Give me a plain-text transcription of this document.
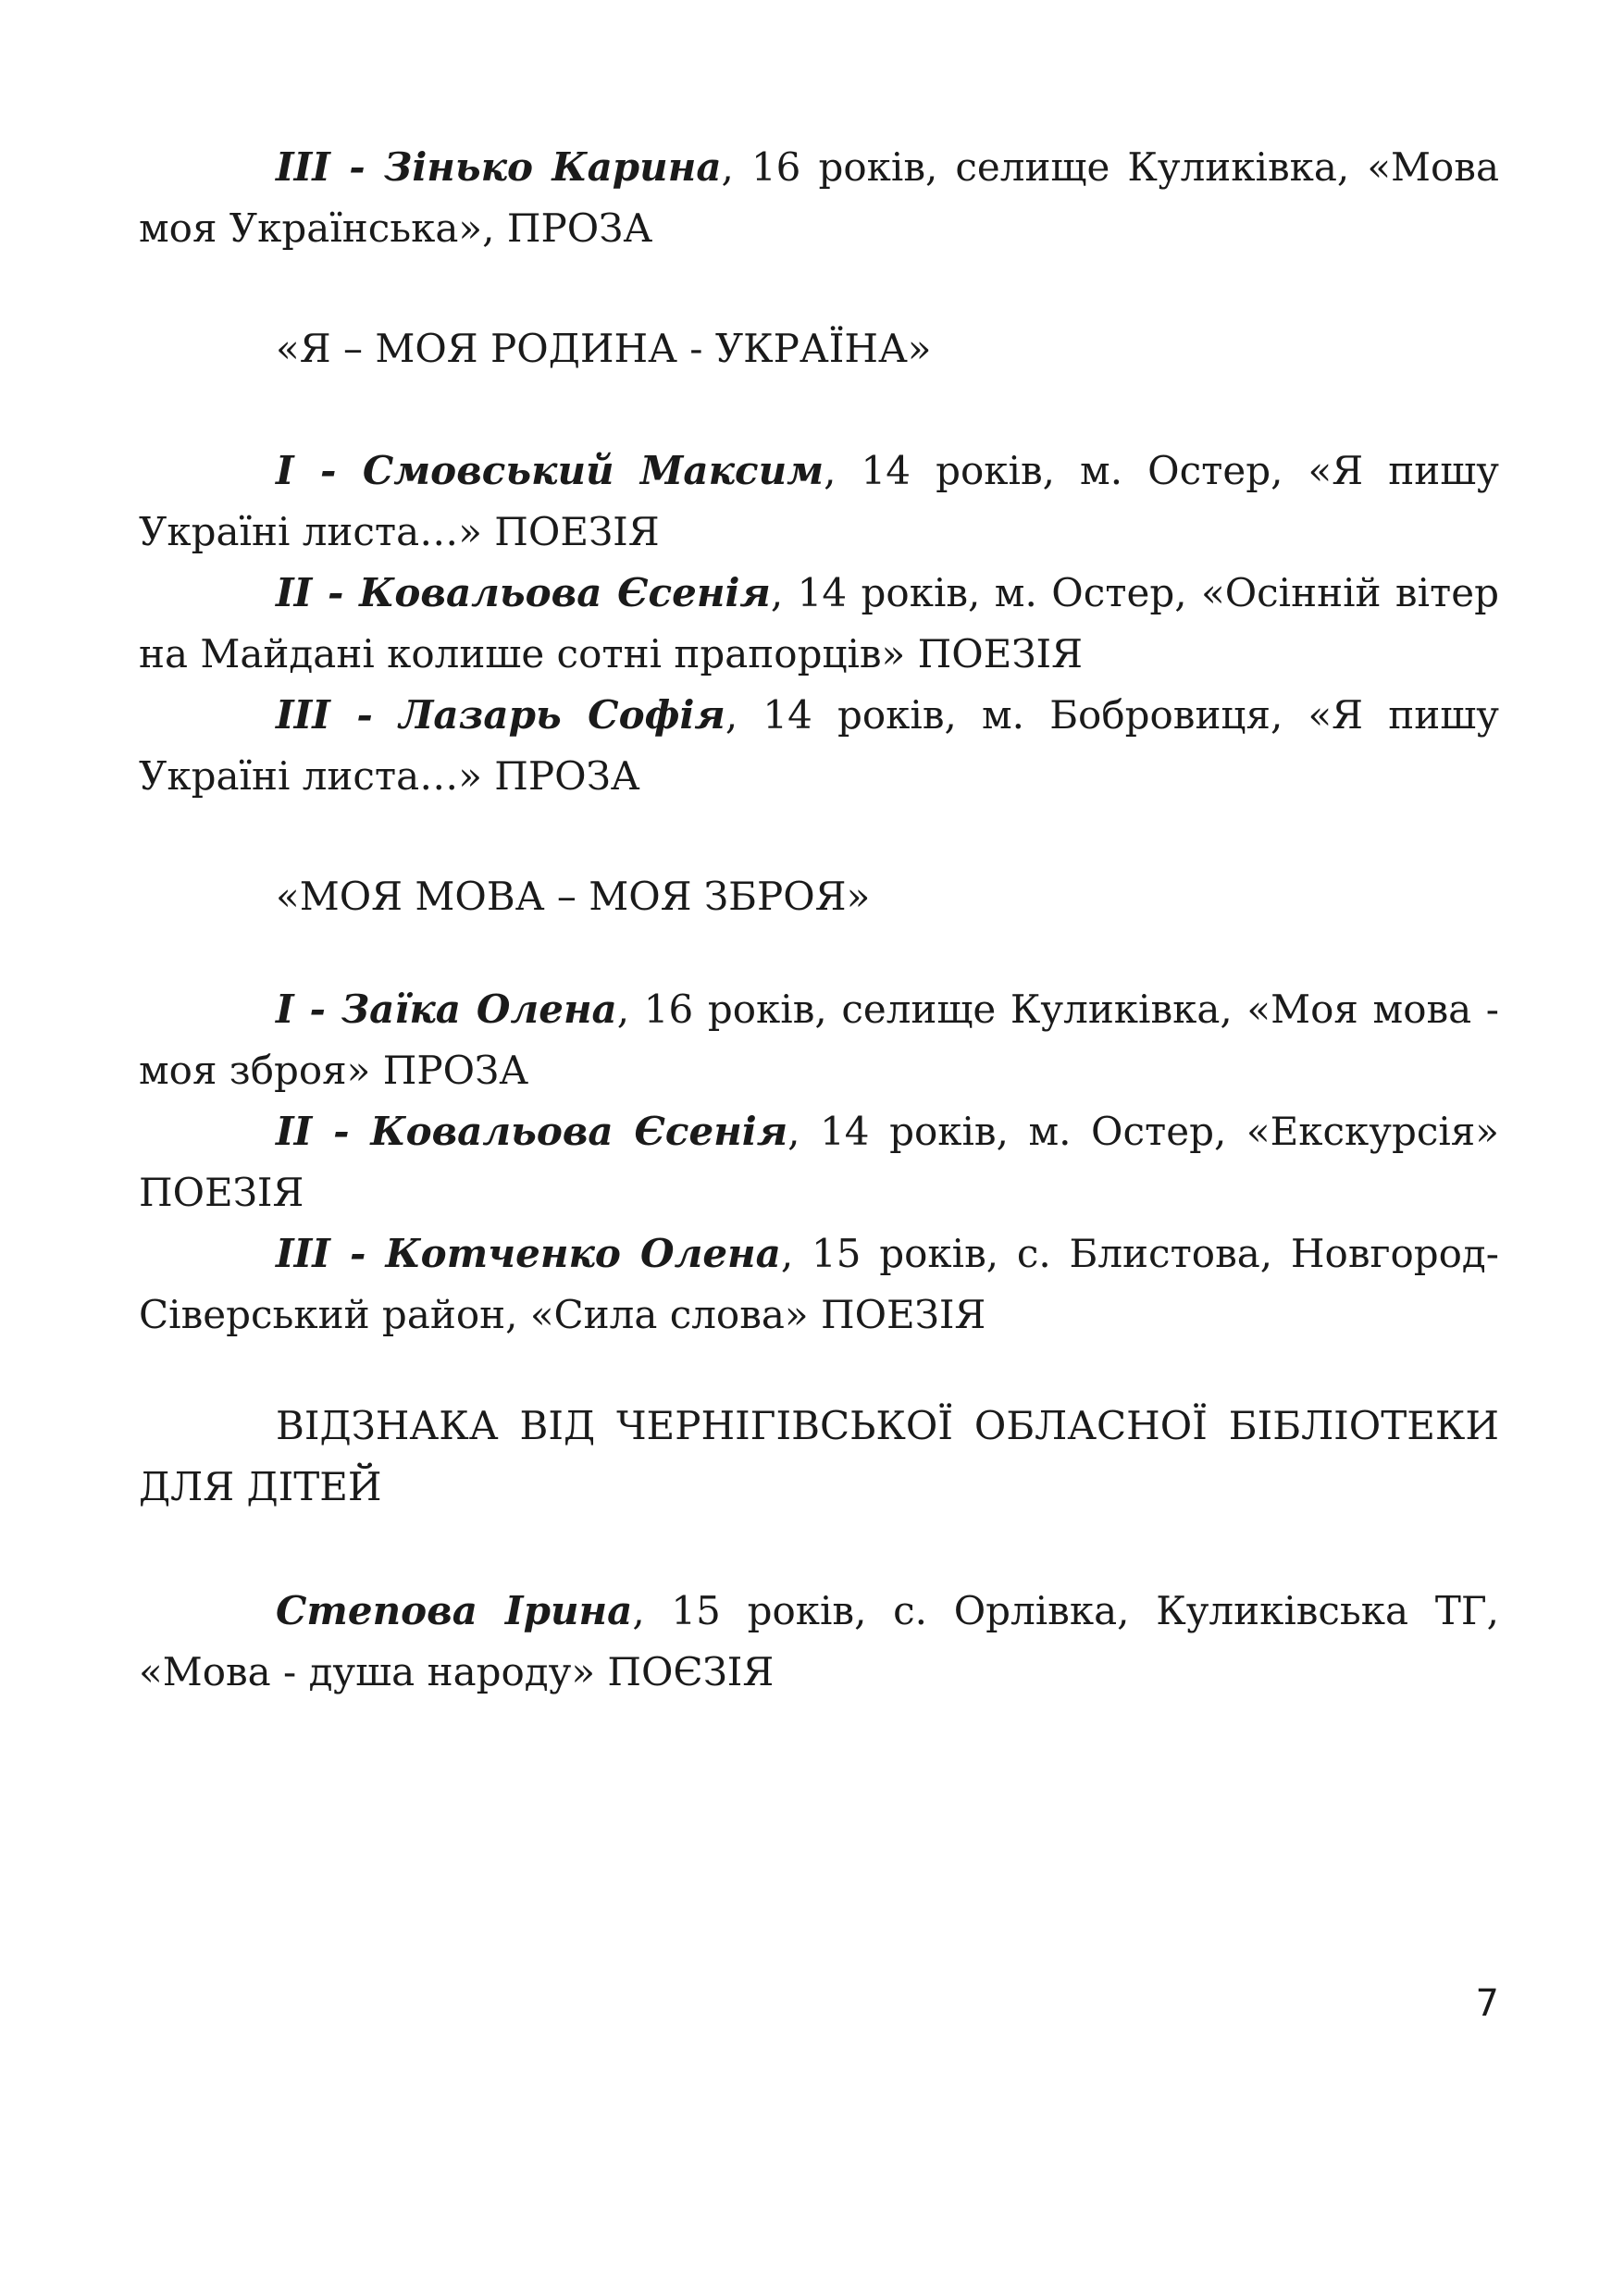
III - Зінько Карина, 16 років, селище Куликівка, «Мова моя Українська», ПРОЗА

«Я – МОЯ РОДИНА - УКРАЇНА»

I - Смовський Максим, 14 років, м. Остер, «Я пишу Україні листа…» ПОЕЗІЯ

II - Ковальова Єсенія, 14 років, м. Остер, «Осінній вітер на Майдані колише сотні прапорців» ПОЕЗІЯ

III - Лазарь Софія, 14 років, м. Бобровиця, «Я пишу Україні листа…» ПРОЗА

«МОЯ МОВА – МОЯ ЗБРОЯ»

I - Заїка Олена, 16 років, селище Куликівка, «Моя мова - моя зброя» ПРОЗА

II - Ковальова Єсенія, 14 років, м. Остер, «Екскурсія» ПОЕЗІЯ

III - Котченко Олена, 15 років, с. Блистова, Новгород-Сіверський район, «Сила слова» ПОЕЗІЯ

ВІДЗНАКА ВІД ЧЕРНІГІВСЬКОЇ ОБЛАСНОЇ БІБЛІОТЕКИ ДЛЯ ДІТЕЙ

Степова Ірина, 15 років, с. Орлівка, Куликівська ТГ, «Мова - душа народу» ПОЄЗІЯ

7
